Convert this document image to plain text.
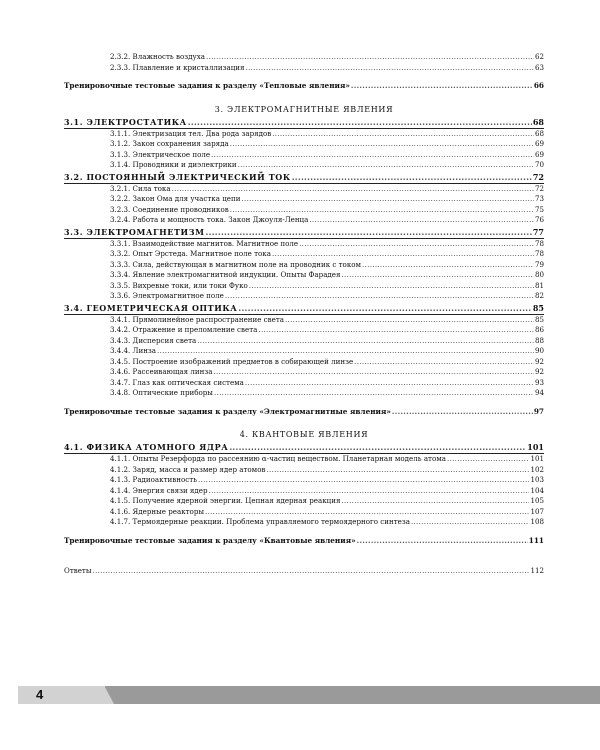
2.3.2. Влажность воздуха .....	62
2.3.3. Плавление и кристаллизация .....	63
Тренировочные тестовые задания к разделу «Тепловые явления» .....	66
3. ЭЛЕКТРОМАГНИТНЫЕ ЯВЛЕНИЯ
3.1. ЭЛЕКТРОСТАТИКА .....	68
3.1.1. Электризация тел. Два рода зарядов .....	68
3.1.2. Закон сохранения заряда .....	69
3.1.3. Электрическое поле .....	69
3.1.4. Проводники и диэлектрики .....	70
3.2. ПОСТОЯННЫЙ ЭЛЕКТРИЧЕСКИЙ ТОК .....	72
3.2.1. Сила тока .....	72
3.2.2. Закон Ома для участка цепи .....	73
3.2.3. Соединение проводников .....	75
3.2.4. Работа и мощность тока. Закон Джоуля-Ленца .....	76
3.3. ЭЛЕКТРОМАГНЕТИЗМ .....	77
3.3.1. Взаимодействие магнитов. Магнитное поле .....	78
3.3.2. Опыт Эрстеда. Магнитное поле тока .....	78
3.3.3. Сила, действующая в магнитном поле на проводник с током .....	79
3.3.4. Явление электромагнитной индукции. Опыты Фарадея .....	80
3.3.5. Вихревые токи, или токи Фуко .....	81
3.3.6. Электромагнитное поле .....	82
3.4. ГЕОМЕТРИЧЕСКАЯ ОПТИКА .....	85
3.4.1. Прямолинейное распространение света .....	85
3.4.2. Отражение и преломление света .....	86
3.4.3. Дисперсия света .....	88
3.4.4. Линза .....	90
3.4.5. Построение изображений предметов в собирающей линзе .....	92
3.4.6. Рассеивающая линза .....	92
3.4.7. Глаз как оптическая система .....	93
3.4.8. Оптические приборы .....	94
Тренировочные тестовые задания к разделу «Электромагнитные явления» .....	97
4. КВАНТОВЫЕ ЯВЛЕНИЯ
4.1. ФИЗИКА АТОМНОГО ЯДРА .....	101
4.1.1. Опыты Резерфорда по рассеянию α-частиц веществом. Планетарная модель атома .....	101
4.1.2. Заряд, масса и размер ядер атомов .....	102
4.1.3. Радиоактивность .....	103
4.1.4. Энергия связи ядер .....	104
4.1.5. Получение ядерной энергии. Цепная ядерная реакция .....	105
4.1.6. Ядерные реакторы .....	107
4.1.7. Термоядерные реакции. Проблема управляемого термоядерного синтеза .....	108
Тренировочные тестовые задания к разделу «Квантовые явления» .....	111
Ответы .....	112
4
